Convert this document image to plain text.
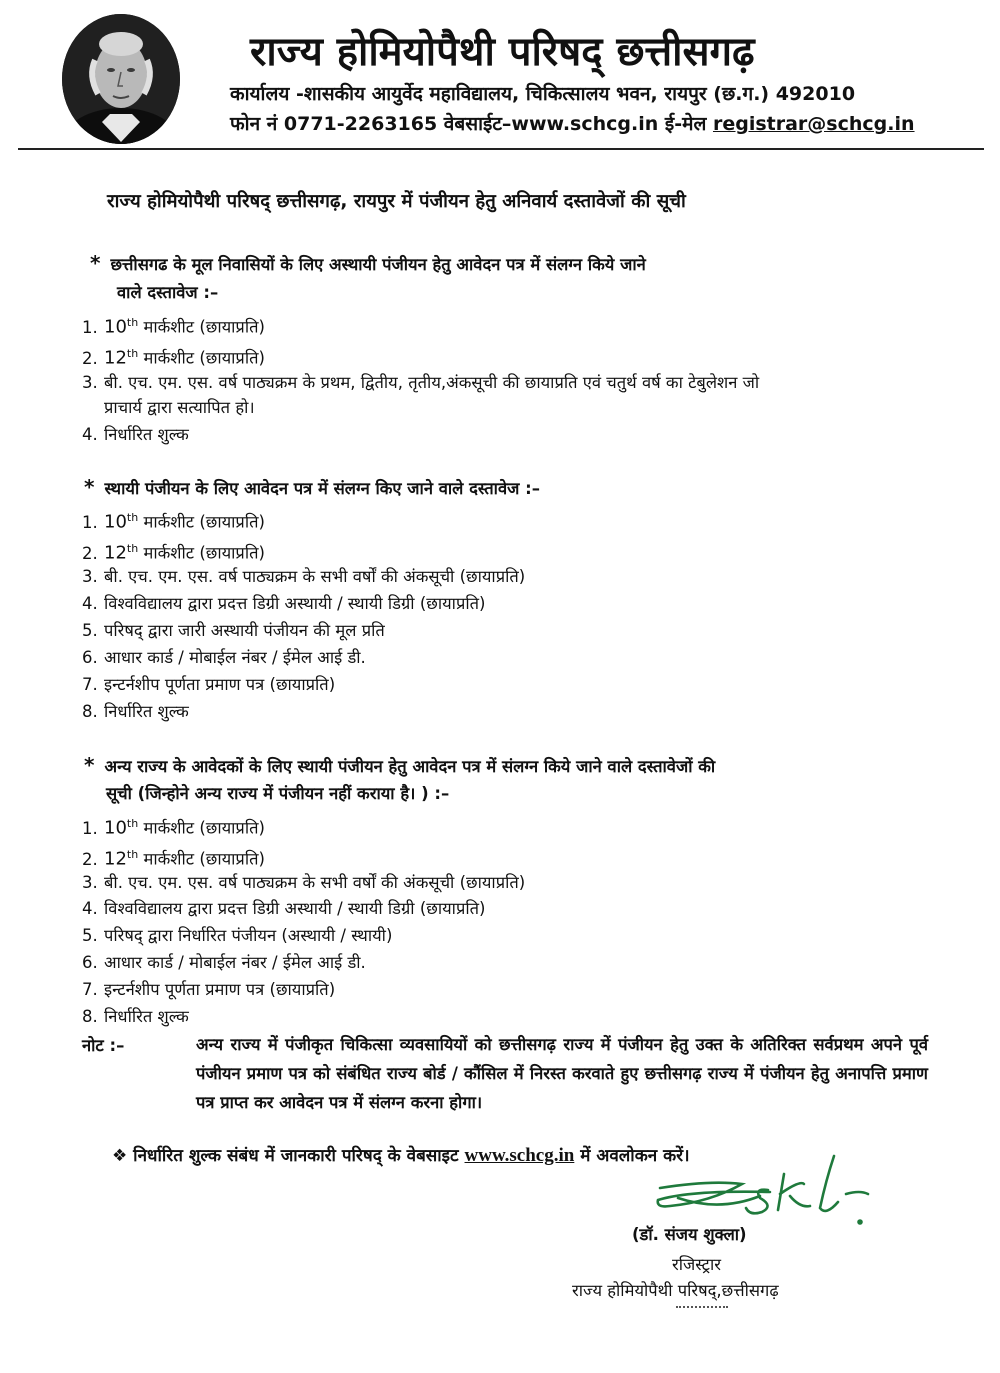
राज्य होमियोपैथी परिषद् छत्तीसगढ़
कार्यालय -शासकीय आयुर्वेद महाविद्यालय, चिकित्सालय भवन, रायपुर (छ.ग.) 492010
फोन नं 0771-2263165 वेबसाईट–www.schcg.in ई-मेल registrar@schcg.in
राज्य होमियोपैथी परिषद् छत्तीसगढ़, रायपुर में पंजीयन हेतु अनिवार्य दस्तावेजों की सूची
* छत्तीसगढ के मूल निवासियों के लिए अस्थायी पंजीयन हेतु आवेदन पत्र में संलग्न किये जाने
वाले दस्तावेज :–
1. 10th मार्कशीट (छायाप्रति)
2. 12th मार्कशीट (छायाप्रति)
3. बी. एच. एम. एस. वर्ष पाठ्यक्रम के प्रथम, द्वितीय, तृतीय,अंकसूची की छायाप्रति एवं चतुर्थ वर्ष का टेबुलेशन जो
प्राचार्य द्वारा सत्यापित हो।
4. निर्धारित शुल्क
* स्थायी पंजीयन के लिए आवेदन पत्र में संलग्न किए जाने वाले दस्तावेज :–
1. 10th मार्कशीट (छायाप्रति)
2. 12th मार्कशीट (छायाप्रति)
3. बी. एच. एम. एस. वर्ष पाठ्यक्रम के सभी वर्षों की अंकसूची (छायाप्रति)
4. विश्वविद्यालय द्वारा प्रदत्त डिग्री अस्थायी / स्थायी डिग्री (छायाप्रति)
5. परिषद् द्वारा जारी अस्थायी पंजीयन की मूल प्रति
6. आधार कार्ड / मोबाईल नंबर / ईमेल आई डी.
7. इन्टर्नशीप पूर्णता प्रमाण पत्र (छायाप्रति)
8. निर्धारित शुल्क
* अन्य राज्य के आवेदकों के लिए स्थायी पंजीयन हेतु आवेदन पत्र में संलग्न किये जाने वाले दस्तावेजों की
सूची (जिन्होने अन्य राज्य में पंजीयन नहीं कराया है। ) :–
1. 10th मार्कशीट (छायाप्रति)
2. 12th मार्कशीट (छायाप्रति)
3. बी. एच. एम. एस. वर्ष पाठ्यक्रम के सभी वर्षों की अंकसूची (छायाप्रति)
4. विश्वविद्यालय द्वारा प्रदत्त डिग्री अस्थायी / स्थायी डिग्री (छायाप्रति)
5. परिषद् द्वारा निर्धारित पंजीयन (अस्थायी / स्थायी)
6. आधार कार्ड / मोबाईल नंबर / ईमेल आई डी.
7. इन्टर्नशीप पूर्णता प्रमाण पत्र (छायाप्रति)
8. निर्धारित शुल्क
नोट :–	अन्य राज्य में पंजीकृत चिकित्सा व्यवसायियों को छत्तीसगढ़ राज्य में पंजीयन हेतु उक्त के अतिरिक्त सर्वप्रथम अपने पूर्व पंजीयन प्रमाण पत्र को संबंधित राज्य बोर्ड / कौंसिल में निरस्त करवाते हुए छत्तीसगढ़ राज्य में पंजीयन हेतु अनापत्ति प्रमाण पत्र प्राप्त कर आवेदन पत्र में संलग्न करना होगा।
❖ निर्धारित शुल्क संबंध में जानकारी परिषद् के वेबसाइट www.schcg.in में अवलोकन करें।
(डॉ. संजय शुक्ला)
रजिस्ट्रार
राज्य होमियोपैथी परिषद्,छत्तीसगढ़
